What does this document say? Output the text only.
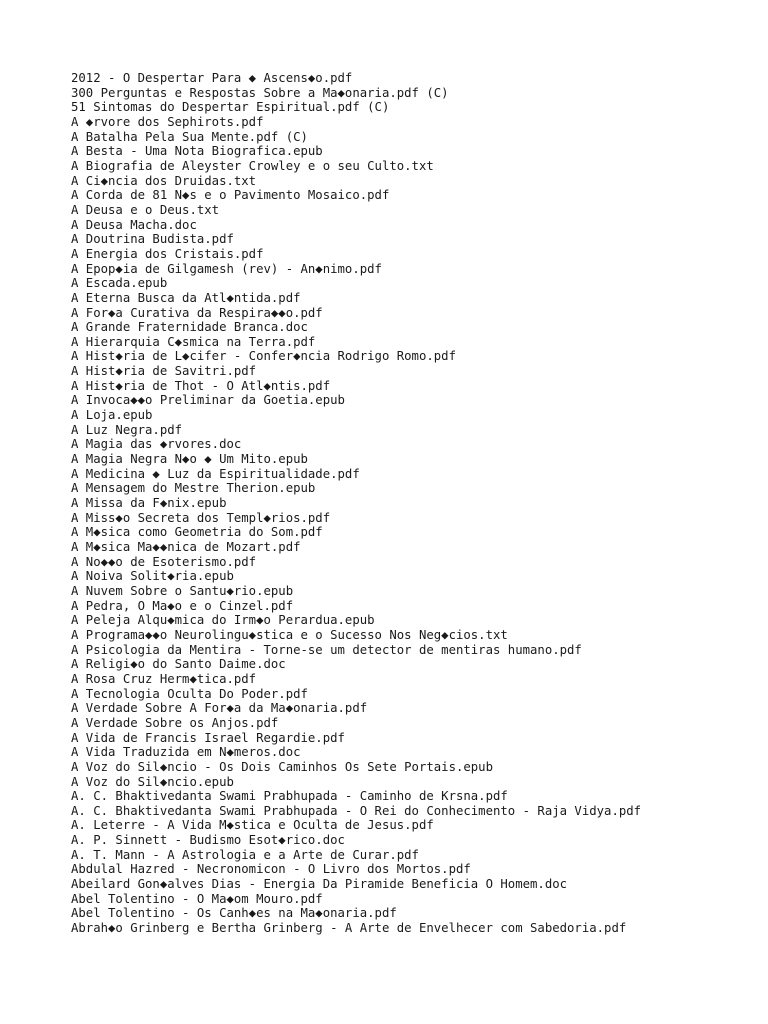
2012 - O Despertar Para ◆ Ascens◆o.pdf
300 Perguntas e Respostas Sobre a Ma◆onaria.pdf (C)
51 Sintomas do Despertar Espiritual.pdf (C)
A ◆rvore dos Sephirots.pdf
A Batalha Pela Sua Mente.pdf (C)
A Besta - Uma Nota Biografica.epub
A Biografia de Aleyster Crowley e o seu Culto.txt
A Ci◆ncia dos Druidas.txt
A Corda de 81 N◆s e o Pavimento Mosaico.pdf
A Deusa e o Deus.txt
A Deusa Macha.doc
A Doutrina Budista.pdf
A Energia dos Cristais.pdf
A Epop◆ia de Gilgamesh (rev) - An◆nimo.pdf
A Escada.epub
A Eterna Busca da Atl◆ntida.pdf
A For◆a Curativa da Respira◆◆o.pdf
A Grande Fraternidade Branca.doc
A Hierarquia C◆smica na Terra.pdf
A Hist◆ria de L◆cifer - Confer◆ncia Rodrigo Romo.pdf
A Hist◆ria de Savitri.pdf
A Hist◆ria de Thot - O Atl◆ntis.pdf
A Invoca◆◆o Preliminar da Goetia.epub
A Loja.epub
A Luz Negra.pdf
A Magia das ◆rvores.doc
A Magia Negra N◆o ◆ Um Mito.epub
A Medicina ◆ Luz da Espiritualidade.pdf
A Mensagem do Mestre Therion.epub
A Missa da F◆nix.epub
A Miss◆o Secreta dos Templ◆rios.pdf
A M◆sica como Geometria do Som.pdf
A M◆sica Ma◆◆nica de Mozart.pdf
A No◆◆o de Esoterismo.pdf
A Noiva Solit◆ria.epub
A Nuvem Sobre o Santu◆rio.epub
A Pedra, O Ma◆o e o Cinzel.pdf
A Peleja Alqu◆mica do Irm◆o Perardua.epub
A Programa◆◆o Neurolingu◆stica e o Sucesso Nos Neg◆cios.txt
A Psicologia da Mentira - Torne-se um detector de mentiras humano.pdf
A Religi◆o do Santo Daime.doc
A Rosa Cruz Herm◆tica.pdf
A Tecnologia Oculta Do Poder.pdf
A Verdade Sobre A For◆a da Ma◆onaria.pdf
A Verdade Sobre os Anjos.pdf
A Vida de Francis Israel Regardie.pdf
A Vida Traduzida em N◆meros.doc
A Voz do Sil◆ncio - Os Dois Caminhos Os Sete Portais.epub
A Voz do Sil◆ncio.epub
A. C. Bhaktivedanta Swami Prabhupada - Caminho de Krsna.pdf
A. C. Bhaktivedanta Swami Prabhupada - O Rei do Conhecimento - Raja Vidya.pdf
A. Leterre - A Vida M◆stica e Oculta de Jesus.pdf
A. P. Sinnett - Budismo Esot◆rico.doc
A. T. Mann - A Astrologia e a Arte de Curar.pdf
Abdulal Hazred - Necronomicon - O Livro dos Mortos.pdf
Abeilard Gon◆alves Dias - Energia Da Piramide Beneficia O Homem.doc
Abel Tolentino - O Ma◆om Mouro.pdf
Abel Tolentino - Os Canh◆es na Ma◆onaria.pdf
Abrah◆o Grinberg e Bertha Grinberg - A Arte de Envelhecer com Sabedoria.pdf
